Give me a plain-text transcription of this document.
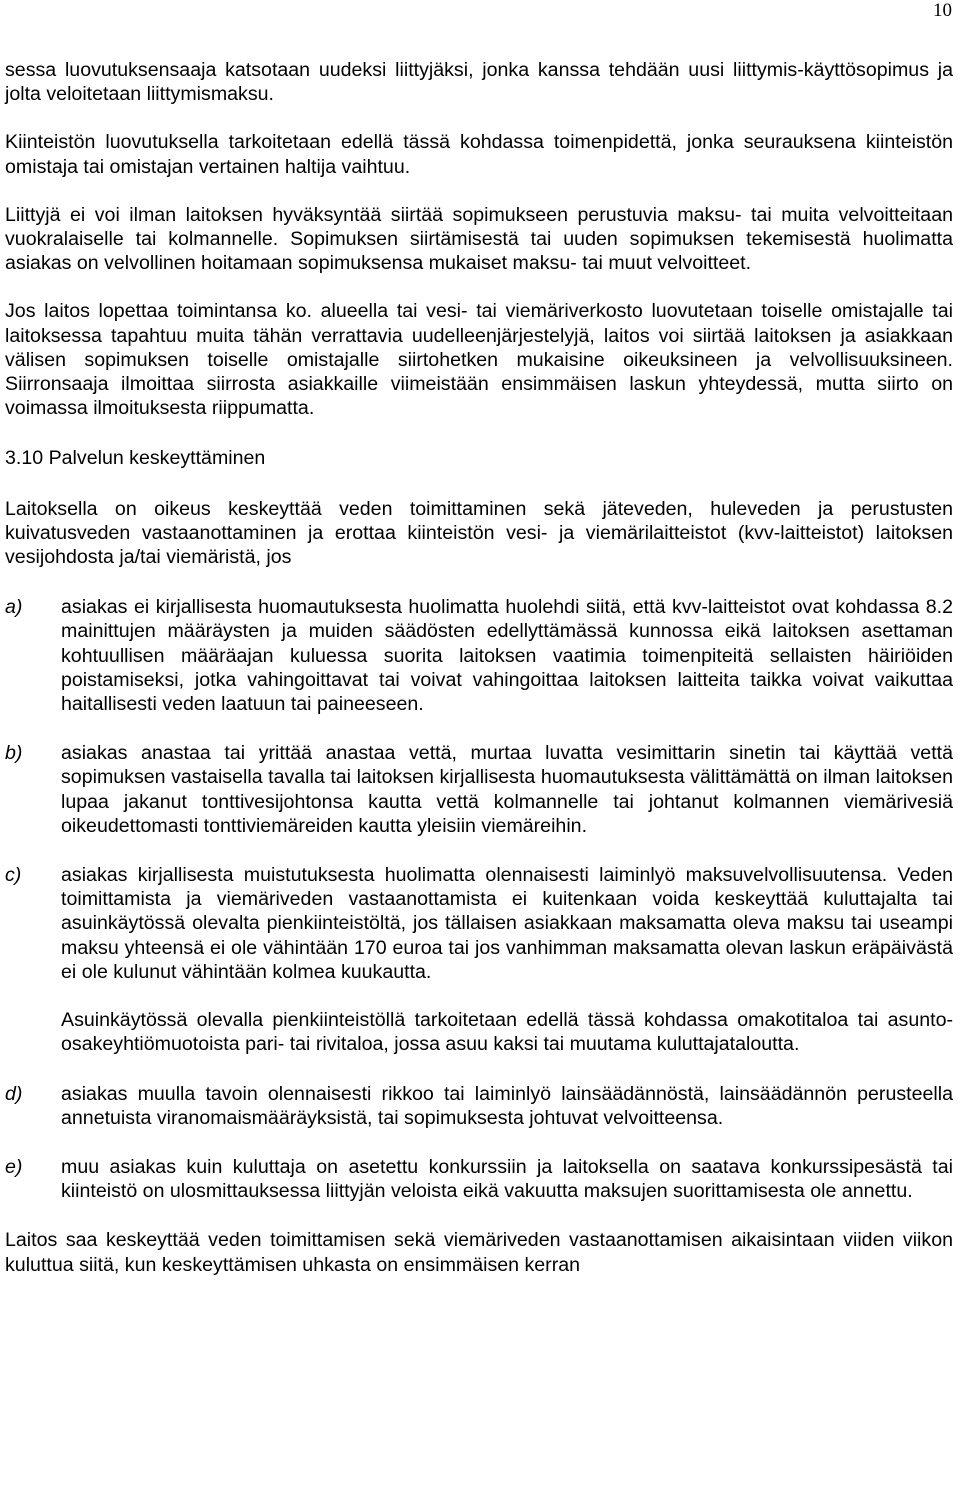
10

sessa luovutuksensaaja katsotaan uudeksi liittyjäksi, jonka kanssa tehdään uusi liittymis-käyttösopimus ja jolta veloitetaan liittymismaksu.

Kiinteistön luovutuksella tarkoitetaan edellä tässä kohdassa toimenpidettä, jonka seurauksena kiinteistön omistaja tai omistajan vertainen haltija vaihtuu.

Liittyjä ei voi ilman laitoksen hyväksyntää siirtää sopimukseen perustuvia maksu- tai muita velvoitteitaan vuokralaiselle tai kolmannelle. Sopimuksen siirtämisestä tai uuden sopimuksen tekemisestä huolimatta asiakas on velvollinen hoitamaan sopimuksensa mukaiset maksu- tai muut velvoitteet.

Jos laitos lopettaa toimintansa ko. alueella tai vesi- tai viemäriverkosto luovutetaan toiselle omistajalle tai laitoksessa tapahtuu muita tähän verrattavia uudelleenjärjestelyjä, laitos voi siirtää laitoksen ja asiakkaan välisen sopimuksen toiselle omistajalle siirtohetken mukaisine oikeuksineen ja velvollisuuksineen. Siirronsaaja ilmoittaa siirrosta asiakkaille viimeistään ensimmäisen laskun yhteydessä, mutta siirto on voimassa ilmoituksesta riippumatta.

3.10 Palvelun keskeyttäminen

Laitoksella on oikeus keskeyttää veden toimittaminen sekä jäteveden, huleveden ja perustusten kuivatusveden vastaanottaminen ja erottaa kiinteistön vesi- ja viemärilaitteistot (kvv-laitteistot) laitoksen vesijohdosta ja/tai viemäristä, jos

a)	asiakas ei kirjallisesta huomautuksesta huolimatta huolehdi siitä, että kvv-laitteistot ovat kohdassa 8.2 mainittujen määräysten ja muiden säädösten edellyttämässä kunnossa eikä laitoksen asettaman kohtuullisen määräajan kuluessa suorita laitoksen vaatimia toimenpiteitä sellaisten häiriöiden poistamiseksi, jotka vahingoittavat tai voivat vahingoittaa laitoksen laitteita taikka voivat vaikuttaa haitallisesti veden laatuun tai paineeseen.
b)	asiakas anastaa tai yrittää anastaa vettä, murtaa luvatta vesimittarin sinetin tai käyttää vettä sopimuksen vastaisella tavalla tai laitoksen kirjallisesta huomautuksesta välittämättä on ilman laitoksen lupaa jakanut tonttivesijohtonsa kautta vettä kolmannelle tai johtanut kolmannen viemärivesiä oikeudettomasti tonttiviemäreiden kautta yleisiin viemäreihin.
c)	asiakas kirjallisesta muistutuksesta huolimatta olennaisesti laiminlyö maksuvelvollisuutensa. Veden toimittamista ja viemäriveden vastaanottamista ei kuitenkaan voida keskeyttää kuluttajalta tai asuinkäytössä olevalta pienkiinteistöltä, jos tällaisen asiakkaan maksamatta oleva maksu tai useampi maksu yhteensä ei ole vähintään 170 euroa tai jos vanhimman maksamatta olevan laskun eräpäivästä ei ole kulunut vähintään kolmea kuukautta.

Asuinkäytössä olevalla pienkiinteistöllä tarkoitetaan edellä tässä kohdassa omakotitaloa tai asunto-osakeyhtiömuotoista pari- tai rivitaloa, jossa asuu kaksi tai muutama kuluttajataloutta.

d)	asiakas muulla tavoin olennaisesti rikkoo tai laiminlyö lainsäädännöstä, lainsäädännön perusteella annetuista viranomaismääräyksistä, tai sopimuksesta johtuvat velvoitteensa.
e)	muu asiakas kuin kuluttaja on asetettu konkurssiin ja laitoksella on saatava konkurssipesästä tai kiinteistö on ulosmittauksessa liittyjän veloista eikä vakuutta maksujen suorittamisesta ole annettu.

Laitos saa keskeyttää veden toimittamisen sekä viemäriveden vastaanottamisen aikaisintaan viiden viikon kuluttua siitä, kun keskeyttämisen uhkasta on ensimmäisen kerran
